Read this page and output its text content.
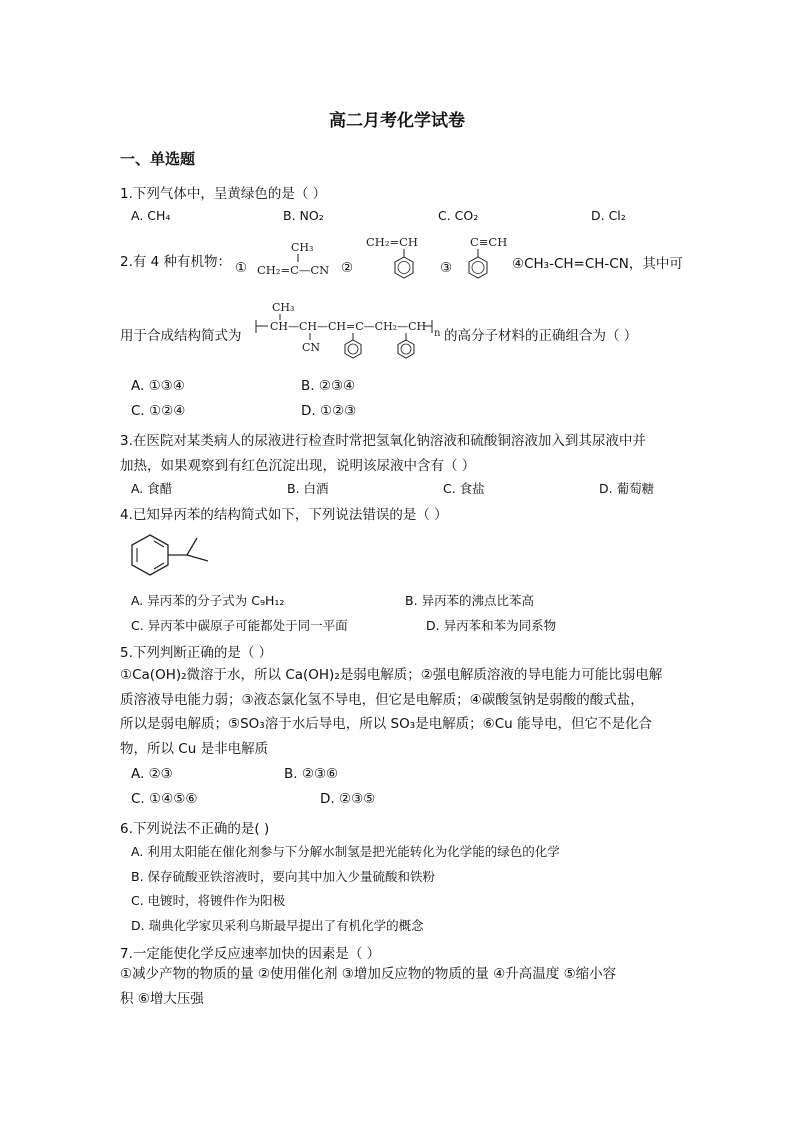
高二月考化学试卷
一、单选题
1.下列气体中，呈黄绿色的是（ ）
A. CH₄	B. NO₂	C. CO₂	D. Cl₂
2.有 4 种有机物： ①
CH₃
CH₂=C—CN ②
CH₂=CH
③
C≡CH
④CH₃-CH=CH-CN，其中可
用于合成结构简式为
CH₃
CH—CH—CH=C—CH₂—CH
n
CN
的高分子材料的正确组合为（ ）
A. ①③④	B. ②③④
C. ①②④	D. ①②③
3.在医院对某类病人的尿液进行检查时常把氢氧化钠溶液和硫酸铜溶液加入到其尿液中并
加热，如果观察到有红色沉淀出现，说明该尿液中含有（ ）
A. 食醋	B. 白酒	C. 食盐	D. 葡萄糖
4.已知异丙苯的结构简式如下，下列说法错误的是（ ）
A. 异丙苯的分子式为 C₉H₁₂	B. 异丙苯的沸点比苯高
C. 异丙苯中碳原子可能都处于同一平面	D. 异丙苯和苯为同系物
5.下列判断正确的是（ ）
①Ca(OH)₂微溶于水，所以 Ca(OH)₂是弱电解质；②强电解质溶液的导电能力可能比弱电解
质溶液导电能力弱；③液态氯化氢不导电，但它是电解质；④碳酸氢钠是弱酸的酸式盐，
所以是弱电解质；⑤SO₃溶于水后导电，所以 SO₃是电解质；⑥Cu 能导电，但它不是化合
物，所以 Cu 是非电解质
A. ②③	B. ②③⑥
C. ①④⑤⑥	D. ②③⑤
6.下列说法不正确的是( )
A. 利用太阳能在催化剂参与下分解水制氢是把光能转化为化学能的绿色的化学
B. 保存硫酸亚铁溶液时，要向其中加入少量硫酸和铁粉
C. 电镀时，将镀件作为阳极
D. 瑞典化学家贝采利乌斯最早提出了有机化学的概念
7.一定能使化学反应速率加快的因素是（ ）
①减少产物的物质的量 ②使用催化剂 ③增加反应物的物质的量 ④升高温度 ⑤缩小容
积 ⑥增大压强
